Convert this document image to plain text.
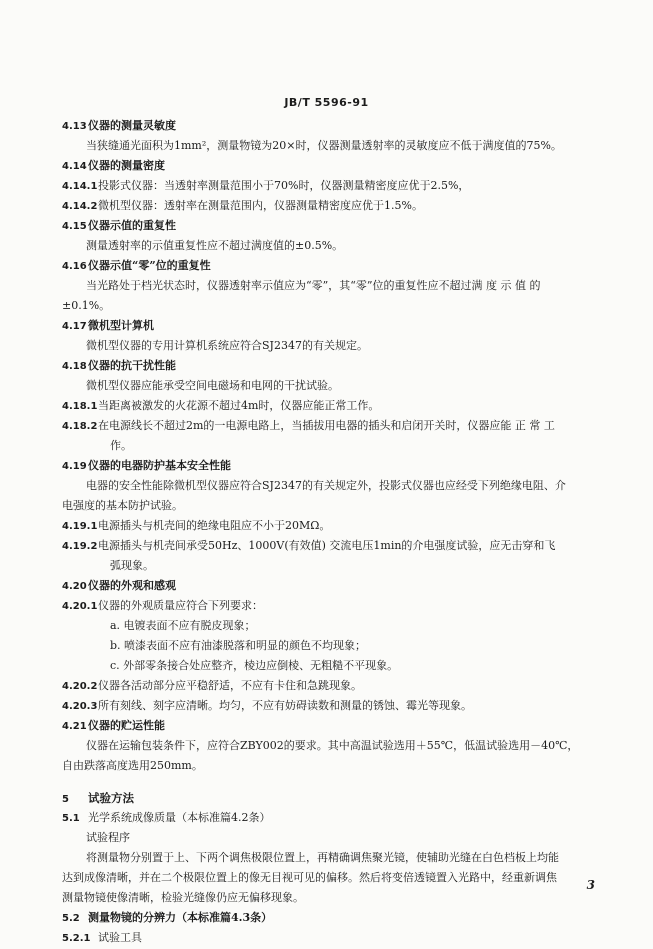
JB/T 5596-91
4.13仪器的测量灵敏度
当狭缝通光面积为1mm²，测量物镜为20×时，仪器测量透射率的灵敏度应不低于满度值的75%。
4.14仪器的测量密度
4.14.1投影式仪器：当透射率测量范围小于70%时，仪器测量精密度应优于2.5%，
4.14.2微机型仪器：透射率在测量范围内，仪器测量精密度应优于1.5%。
4.15仪器示值的重复性
测量透射率的示值重复性应不超过满度值的±0.5%。
4.16仪器示值“零”位的重复性
当光路处于档光状态时，仪器透射率示值应为“零”，其“零”位的重复性应不超过满 度 示 值 的
±0.1%。
4.17微机型计算机
微机型仪器的专用计算机系统应符合SJ2347的有关规定。
4.18仪器的抗干扰性能
微机型仪器应能承受空间电磁场和电网的干扰试验。
4.18.1当距离被激发的火花源不超过4m时，仪器应能正常工作。
4.18.2在电源线长不超过2m的一电源电路上，当插拔用电器的插头和启闭开关时，仪器应能 正 常 工
作。
4.19仪器的电器防护基本安全性能
电器的安全性能除微机型仪器应符合SJ2347的有关规定外，投影式仪器也应经受下列绝缘电阻、介
电强度的基本防护试验。
4.19.1电源插头与机壳间的绝缘电阻应不小于20MΩ。
4.19.2电源插头与机壳间承受50Hz、1000V(有效值) 交流电压1min的介电强度试验，应无击穿和飞
弧现象。
4.20仪器的外观和感观
4.20.1仪器的外观质量应符合下列要求：
a. 电镀表面不应有脱皮现象；
b. 喷漆表面不应有油漆脱落和明显的颜色不均现象；
c. 外部零条接合处应整齐，棱边应倒棱、无粗糙不平现象。
4.20.2仪器各活动部分应平稳舒适，不应有卡住和急跳现象。
4.20.3所有刻线、刻字应清晰。均匀，不应有妨碍读数和测量的锈蚀、霉光等现象。
4.21仪器的贮运性能
仪器在运输包装条件下，应符合ZBY002的要求。其中高温试验选用＋55℃，低温试验选用－40℃，
自由跌落高度选用250mm。
5 试验方法
5.1 光学系统成像质量（本标准篇4.2条）
试验程序
将测量物分别置于上、下两个调焦极限位置上，再精确调焦聚光镜，使辅助光缝在白色档板上均能
达到成像清晰，并在二个极限位置上的像无目视可见的偏移。然后将变倍透镜置入光路中，经重新调焦
测量物镜使像清晰，检验光缝像仍应无偏移现象。
5.2 测量物镜的分辨力（本标准篇4.3条）
5.2.1 试验工具
3
